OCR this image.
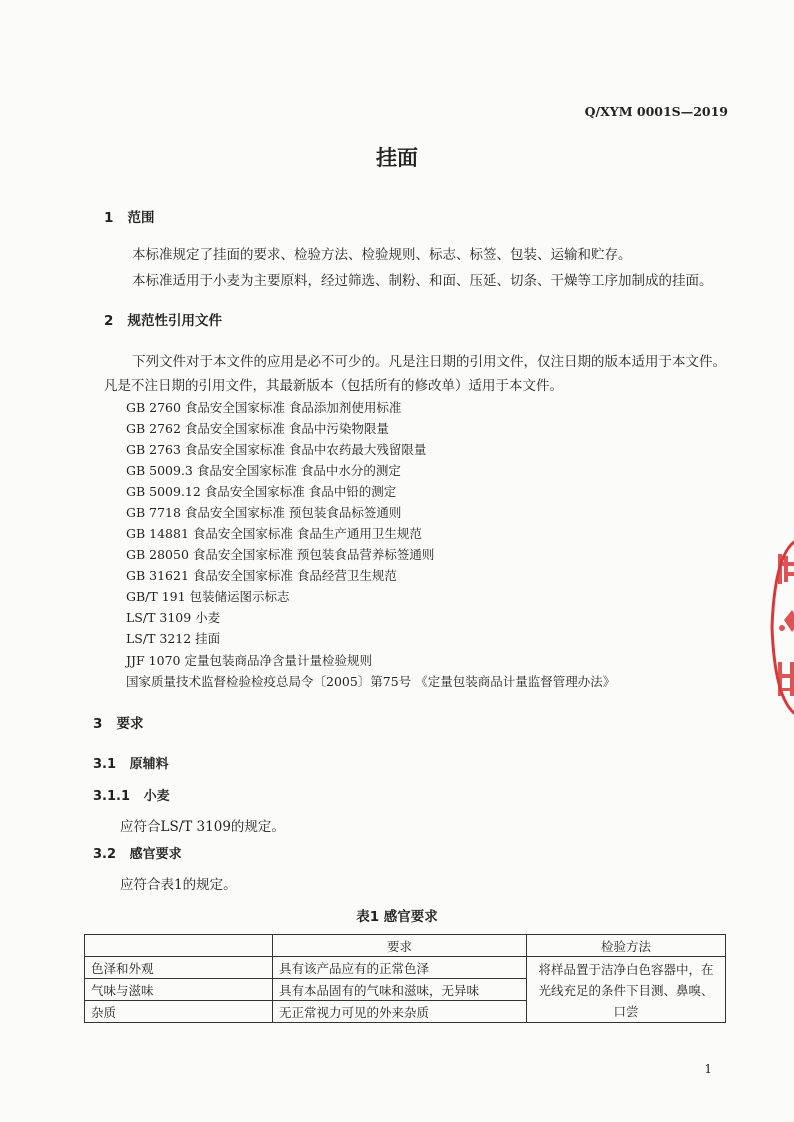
Q/XYM 0001S—2019
挂面
1 范围
本标准规定了挂面的要求、检验方法、检验规则、标志、标签、包装、运输和贮存。
本标准适用于小麦为主要原料，经过筛选、制粉、和面、压延、切条、干燥等工序加制成的挂面。
2 规范性引用文件
下列文件对于本文件的应用是必不可少的。凡是注日期的引用文件，仅注日期的版本适用于本文件。
凡是不注日期的引用文件，其最新版本（包括所有的修改单）适用于本文件。
GB 2760 食品安全国家标准 食品添加剂使用标准
GB 2762 食品安全国家标准 食品中污染物限量
GB 2763 食品安全国家标准 食品中农药最大残留限量
GB 5009.3 食品安全国家标准 食品中水分的测定
GB 5009.12 食品安全国家标准 食品中铅的测定
GB 7718 食品安全国家标准 预包装食品标签通则
GB 14881 食品安全国家标准 食品生产通用卫生规范
GB 28050 食品安全国家标准 预包装食品营养标签通则
GB 31621 食品安全国家标准 食品经营卫生规范
GB/T 191 包装储运图示标志
LS/T 3109 小麦
LS/T 3212 挂面
JJF 1070 定量包装商品净含量计量检验规则
国家质量技术监督检验检疫总局令〔2005〕第75号 《定量包装商品计量监督管理办法》
3 要求
3.1 原辅料
3.1.1 小麦
应符合LS/T 3109的规定。
3.2 感官要求
应符合表1的规定。
表1 感官要求
	要求	检验方法
色泽和外观	具有该产品应有的正常色泽	将样品置于洁净白色容器中，在光线充足的条件下目测、鼻嗅、口尝
气味与滋味	具有本品固有的气味和滋味，无异味	
杂质	无正常视力可见的外来杂质	
1
